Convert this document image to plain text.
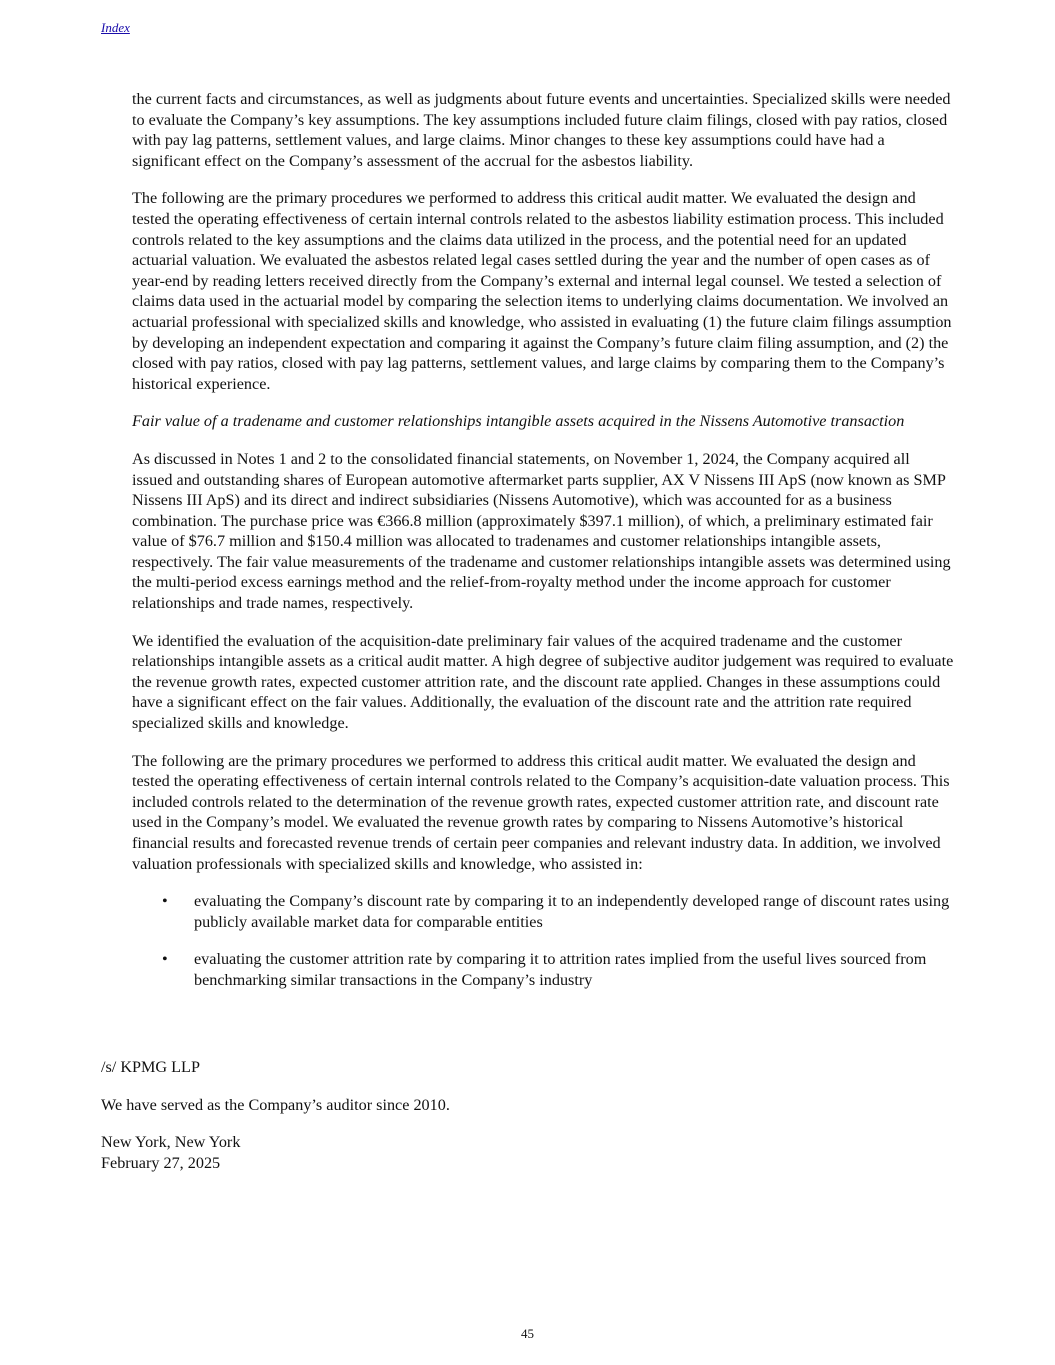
Index

the current facts and circumstances, as well as judgments about future events and uncertainties. Specialized skills were needed to evaluate the Company’s key assumptions. The key assumptions included future claim filings, closed with pay ratios, closed with pay lag patterns, settlement values, and large claims. Minor changes to these key assumptions could have had a significant effect on the Company’s assessment of the accrual for the asbestos liability.

The following are the primary procedures we performed to address this critical audit matter. We evaluated the design and tested the operating effectiveness of certain internal controls related to the asbestos liability estimation process. This included controls related to the key assumptions and the claims data utilized in the process, and the potential need for an updated actuarial valuation. We evaluated the asbestos related legal cases settled during the year and the number of open cases as of year-end by reading letters received directly from the Company’s external and internal legal counsel. We tested a selection of claims data used in the actuarial model by comparing the selection items to underlying claims documentation. We involved an actuarial professional with specialized skills and knowledge, who assisted in evaluating (1) the future claim filings assumption by developing an independent expectation and comparing it against the Company’s future claim filing assumption, and (2) the closed with pay ratios, closed with pay lag patterns, settlement values, and large claims by comparing them to the Company’s historical experience.

Fair value of a tradename and customer relationships intangible assets acquired in the Nissens Automotive transaction

As discussed in Notes 1 and 2 to the consolidated financial statements, on November 1, 2024, the Company acquired all issued and outstanding shares of European automotive aftermarket parts supplier, AX V Nissens III ApS (now known as SMP Nissens III ApS) and its direct and indirect subsidiaries (Nissens Automotive), which was accounted for as a business combination. The purchase price was €366.8 million (approximately $397.1 million), of which, a preliminary estimated fair value of $76.7 million and $150.4 million was allocated to tradenames and customer relationships intangible assets, respectively. The fair value measurements of the tradename and customer relationships intangible assets was determined using the multi-period excess earnings method and the relief-from-royalty method under the income approach for customer relationships and trade names, respectively.

We identified the evaluation of the acquisition-date preliminary fair values of the acquired tradename and the customer relationships intangible assets as a critical audit matter. A high degree of subjective auditor judgement was required to evaluate the revenue growth rates, expected customer attrition rate, and the discount rate applied. Changes in these assumptions could have a significant effect on the fair values. Additionally, the evaluation of the discount rate and the attrition rate required specialized skills and knowledge.

The following are the primary procedures we performed to address this critical audit matter. We evaluated the design and tested the operating effectiveness of certain internal controls related to the Company’s acquisition-date valuation process. This included controls related to the determination of the revenue growth rates, expected customer attrition rate, and discount rate used in the Company’s model. We evaluated the revenue growth rates by comparing to Nissens Automotive’s historical financial results and forecasted revenue trends of certain peer companies and relevant industry data. In addition, we involved valuation professionals with specialized skills and knowledge, who assisted in:

• evaluating the Company’s discount rate by comparing it to an independently developed range of discount rates using publicly available market data for comparable entities
• evaluating the customer attrition rate by comparing it to attrition rates implied from the useful lives sourced from benchmarking similar transactions in the Company’s industry

/s/ KPMG LLP

We have served as the Company’s auditor since 2010.

New York, New York
February 27, 2025

45
